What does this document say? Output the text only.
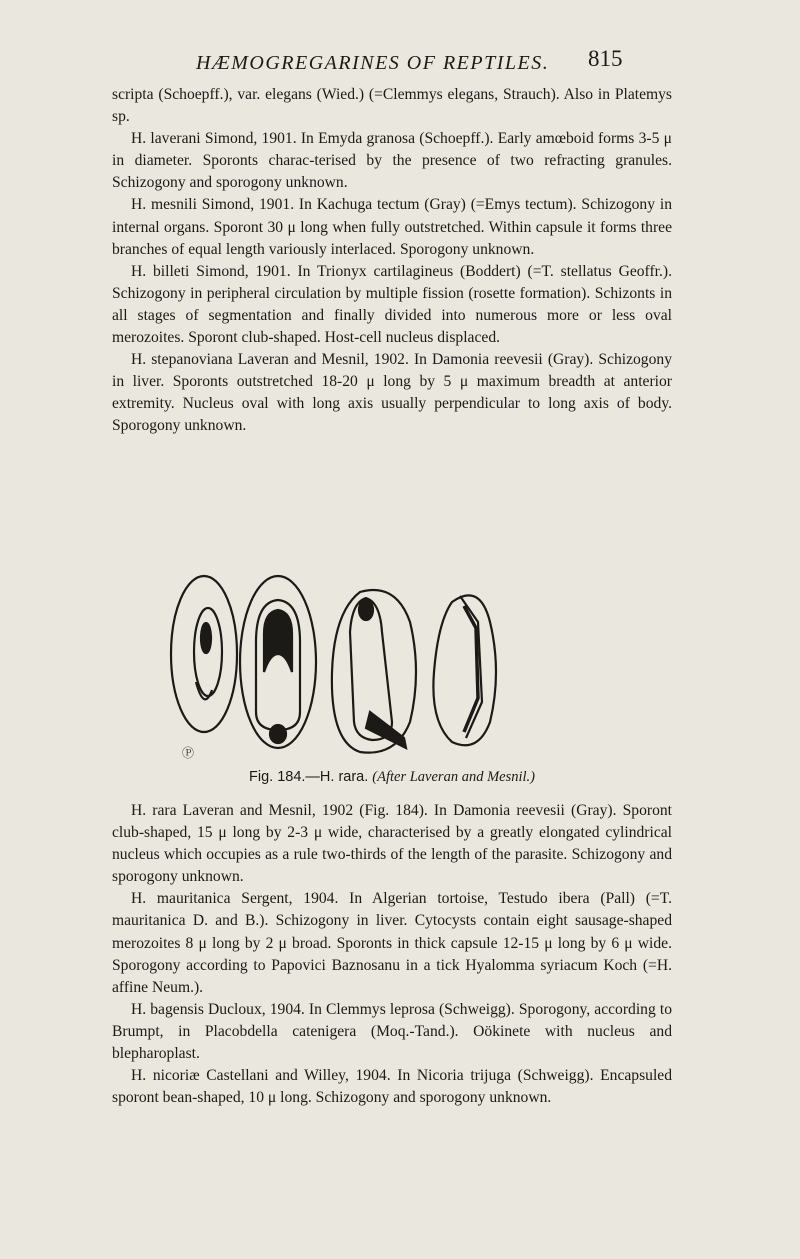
HÆMOGREGARINES OF REPTILES.	815

scripta (Schoepff.), var. elegans (Wied.) (=Clemmys elegans, Strauch). Also in Platemys sp.

H. laverani Simond, 1901. In Emyda granosa (Schoepff.). Early amœboid forms 3-5 μ in diameter. Sporonts charac-terised by the presence of two refracting granules. Schizogony and sporogony unknown.

H. mesnili Simond, 1901. In Kachuga tectum (Gray) (=Emys tectum). Schizogony in internal organs. Sporont 30 μ long when fully outstretched. Within capsule it forms three branches of equal length variously interlaced. Sporogony unknown.

H. billeti Simond, 1901. In Trionyx cartilagineus (Boddert) (=T. stellatus Geoffr.). Schizogony in peripheral circulation by multiple fission (rosette formation). Schizonts in all stages of segmentation and finally divided into numerous more or less oval merozoites. Sporont club-shaped. Host-cell nucleus displaced.

H. stepanoviana Laveran and Mesnil, 1902. In Damonia reevesii (Gray). Schizogony in liver. Sporonts outstretched 18-20 μ long by 5 μ maximum breadth at anterior extremity. Nucleus oval with long axis usually perpendicular to long axis of body. Sporogony unknown.

Ⓟ
Fig. 184.—H. rara. (After Laveran and Mesnil.)

H. rara Laveran and Mesnil, 1902 (Fig. 184). In Damonia reevesii (Gray). Sporont club-shaped, 15 μ long by 2-3 μ wide, characterised by a greatly elongated cylindrical nucleus which occupies as a rule two-thirds of the length of the parasite. Schizogony and sporogony unknown.

H. mauritanica Sergent, 1904. In Algerian tortoise, Testudo ibera (Pall) (=T. mauritanica D. and B.). Schizogony in liver. Cytocysts contain eight sausage-shaped merozoites 8 μ long by 2 μ broad. Sporonts in thick capsule 12-15 μ long by 6 μ wide. Sporogony according to Papovici Baznosanu in a tick Hyalomma syriacum Koch (=H. affine Neum.).

H. bagensis Ducloux, 1904. In Clemmys leprosa (Schweigg). Sporogony, according to Brumpt, in Placobdella catenigera (Moq.-Tand.). Oökinete with nucleus and blepharoplast.

H. nicoriæ Castellani and Willey, 1904. In Nicoria trijuga (Schweigg). Encapsuled sporont bean-shaped, 10 μ long. Schizogony and sporogony unknown.
